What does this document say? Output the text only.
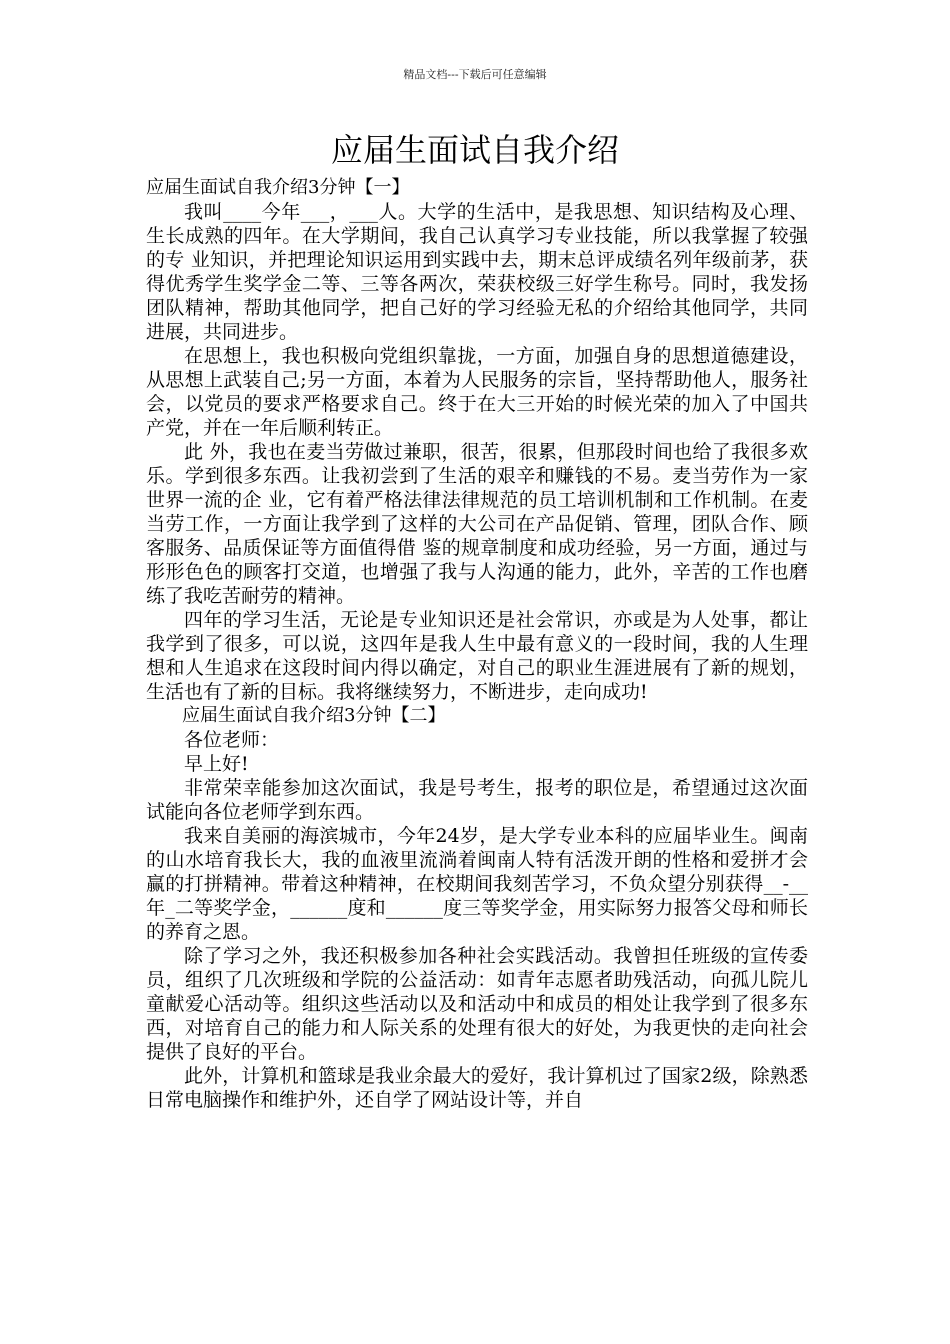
精品文档---下载后可任意编辑
应届生面试自我介绍

应届生面试自我介绍3分钟【一】

我叫____今年___，___人。大学的生活中，是我思想、知识结构及心理、生长成熟的四年。在大学期间，我自己认真学习专业技能，所以我掌握了较强的专 业知识，并把理论知识运用到实践中去，期末总评成绩名列年级前茅，获得优秀学生奖学金二等、三等各两次，荣获校级三好学生称号。同时，我发扬团队精神，帮助其他同学，把自己好的学习经验无私的介绍给其他同学，共同进展，共同进步。

在思想上，我也积极向党组织靠拢，一方面，加强自身的思想道德建设，从思想上武装自己;另一方面，本着为人民服务的宗旨，坚持帮助他人，服务社会，以党员的要求严格要求自己。终于在大三开始的时候光荣的加入了中国共产党，并在一年后顺利转正。

此 外，我也在麦当劳做过兼职，很苦，很累，但那段时间也给了我很多欢乐。学到很多东西。让我初尝到了生活的艰辛和赚钱的不易。麦当劳作为一家世界一流的企 业，它有着严格法律法律规范的员工培训机制和工作机制。在麦当劳工作，一方面让我学到了这样的大公司在产品促销、管理，团队合作、顾客服务、品质保证等方面值得借 鉴的规章制度和成功经验，另一方面，通过与形形色色的顾客打交道，也增强了我与人沟通的能力，此外，辛苦的工作也磨练了我吃苦耐劳的精神。

四年的学习生活，无论是专业知识还是社会常识，亦或是为人处事，都让我学到了很多，可以说，这四年是我人生中最有意义的一段时间，我的人生理想和人生追求在这段时间内得以确定，对自己的职业生涯进展有了新的规划，生活也有了新的目标。我将继续努力，不断进步，走向成功!

应届生面试自我介绍3分钟【二】

各位老师：

早上好!

非常荣幸能参加这次面试，我是号考生，报考的职位是，希望通过这次面试能向各位老师学到东西。

我来自美丽的海滨城市，今年24岁，是大学专业本科的应届毕业生。闽南的山水培育我长大，我的血液里流淌着闽南人特有活泼开朗的性格和爱拼才会赢的打拼精神。带着这种精神，在校期间我刻苦学习，不负众望分别获得__-__年_二等奖学金，______度和______度三等奖学金，用实际努力报答父母和师长的养育之恩。

除了学习之外，我还积极参加各种社会实践活动。我曾担任班级的宣传委员，组织了几次班级和学院的公益活动：如青年志愿者助残活动，向孤儿院儿童献爱心活动等。组织这些活动以及和活动中和成员的相处让我学到了很多东西，对培育自己的能力和人际关系的处理有很大的好处，为我更快的走向社会提供了良好的平台。

此外，计算机和篮球是我业余最大的爱好，我计算机过了国家2级，除熟悉日常电脑操作和维护外，还自学了网站设计等，并自
